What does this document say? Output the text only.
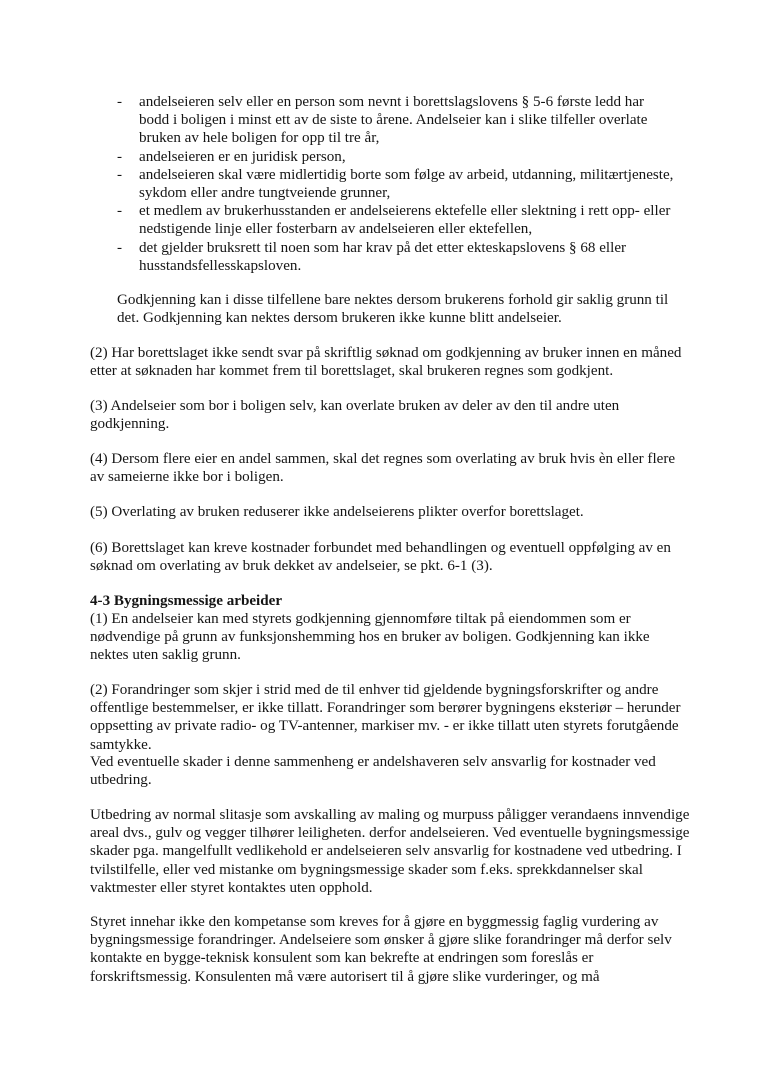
- andelseieren selv eller en person som nevnt i borettslagslovens § 5-6 første ledd har bodd i boligen i minst ett av de siste to årene. Andelseier kan i slike tilfeller overlate bruken av hele boligen for opp til tre år,
- andelseieren er en juridisk person,
- andelseieren skal være midlertidig borte som følge av arbeid, utdanning, militærtjeneste, sykdom eller andre tungtveiende grunner,
- et medlem av brukerhusstanden er andelseierens ektefelle eller slektning i rett opp- eller nedstigende linje eller fosterbarn av andelseieren eller ektefellen,
- det gjelder bruksrett til noen som har krav på det etter ekteskapslovens § 68 eller husstandsfellesskapsloven.

Godkjenning kan i disse tilfellene bare nektes dersom brukerens forhold gir saklig grunn til det. Godkjenning kan nektes dersom brukeren ikke kunne blitt andelseier.

(2) Har borettslaget ikke sendt svar på skriftlig søknad om godkjenning av bruker innen en måned etter at søknaden har kommet frem til borettslaget, skal brukeren regnes som godkjent.

(3) Andelseier som bor i boligen selv, kan overlate bruken av deler av den til andre uten godkjenning.

(4) Dersom flere eier en andel sammen, skal det regnes som overlating av bruk hvis èn eller flere av sameierne ikke bor i boligen.

(5) Overlating av bruken reduserer ikke andelseierens plikter overfor borettslaget.

(6) Borettslaget kan kreve kostnader forbundet med behandlingen og eventuell oppfølging av en søknad om overlating av bruk dekket av andelseier, se pkt. 6-1 (3).

4-3 Bygningsmessige arbeider

(1) En andelseier kan med styrets godkjenning gjennomføre tiltak på eiendommen som er nødvendige på grunn av funksjonshemming hos en bruker av boligen. Godkjenning kan ikke nektes uten saklig grunn.

(2) Forandringer som skjer i strid med de til enhver tid gjeldende bygningsforskrifter og andre offentlige bestemmelser, er ikke tillatt. Forandringer som berører bygningens eksteriør – herunder oppsetting av private radio- og TV-antenner, markiser mv. - er ikke tillatt uten styrets forutgående samtykke.

Ved eventuelle skader i denne sammenheng er andelshaveren selv ansvarlig for kostnader ved utbedring.

Utbedring av normal slitasje som avskalling av maling og murpuss påligger verandaens innvendige areal dvs., gulv og vegger tilhører leiligheten. derfor andelseieren. Ved eventuelle bygningsmessige skader pga. mangelfullt vedlikehold er andelseieren selv ansvarlig for kostnadene ved utbedring. I tvilstilfelle, eller ved mistanke om bygningsmessige skader som f.eks. sprekkdannelser skal vaktmester eller styret kontaktes uten opphold.

Styret innehar ikke den kompetanse som kreves for å gjøre en byggmessig faglig vurdering av bygningsmessige forandringer. Andelseiere som ønsker å gjøre slike forandringer må derfor selv kontakte en bygge-teknisk konsulent som kan bekrefte at endringen som foreslås er forskriftsmessig. Konsulenten må være autorisert til å gjøre slike vurderinger, og må
